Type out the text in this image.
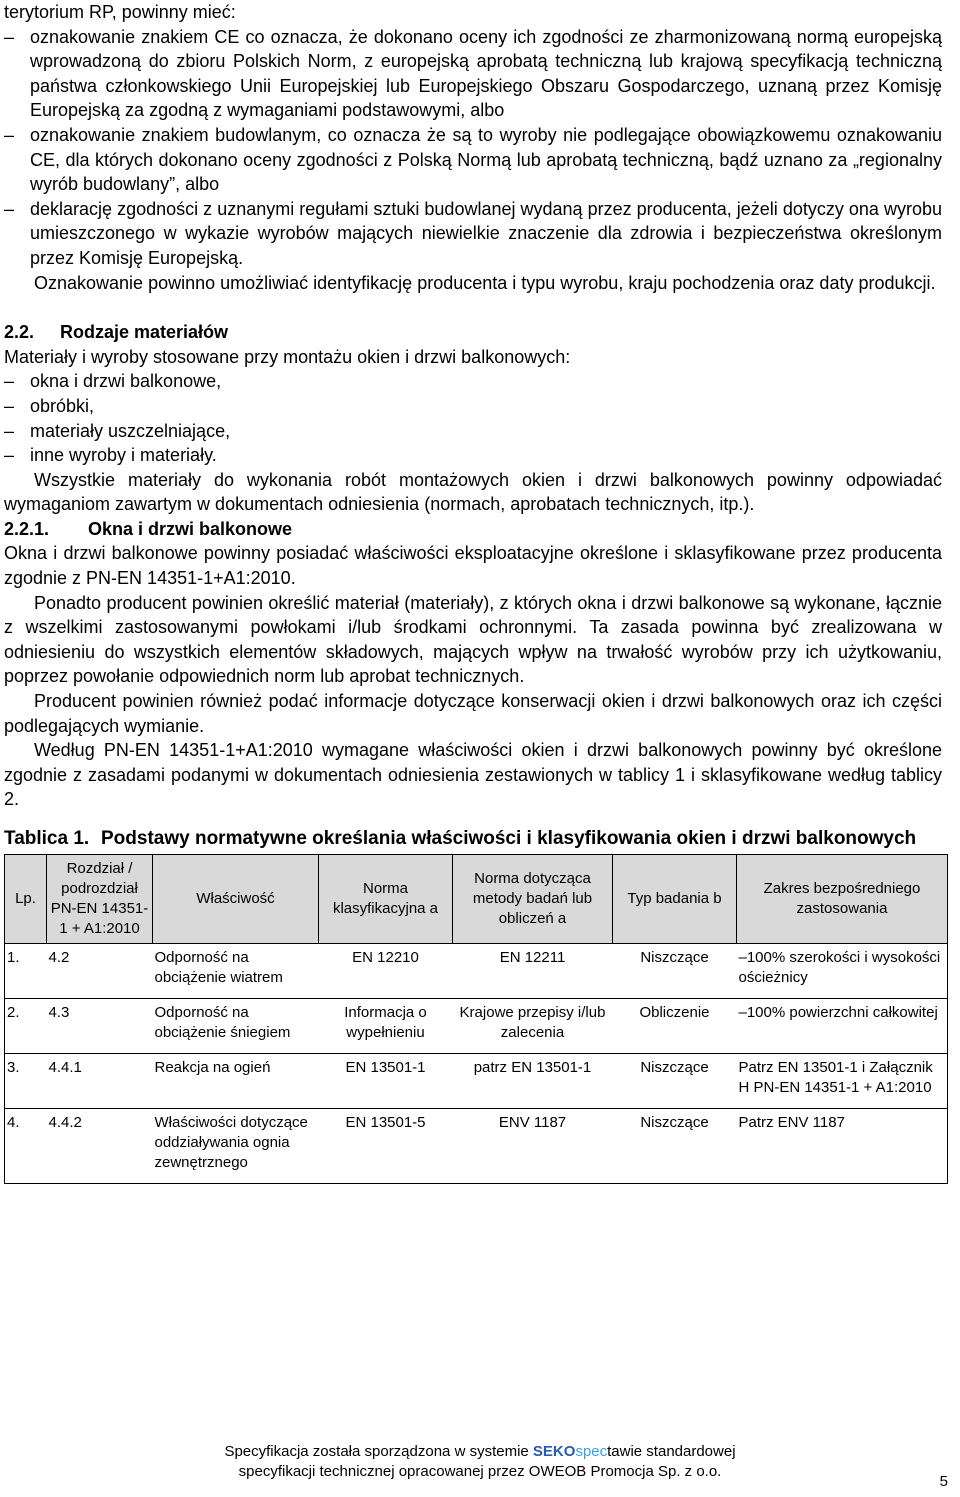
terytorium RP, powinny mieć:

– oznakowanie znakiem CE co oznacza, że dokonano oceny ich zgodności ze zharmonizowaną normą europejską wprowadzoną do zbioru Polskich Norm, z europejską aprobatą techniczną lub krajową specyfikacją techniczną państwa członkowskiego Unii Europejskiej lub Europejskiego Obszaru Gospodarczego, uznaną przez Komisję Europejską za zgodną z wymaganiami podstawowymi, albo

– oznakowanie znakiem budowlanym, co oznacza że są to wyroby nie podlegające obowiązkowemu oznakowaniu CE, dla których dokonano oceny zgodności z Polską Normą lub aprobatą techniczną, bądź uznano za „regionalny wyrób budowlany”, albo

– deklarację zgodności z uznanymi regułami sztuki budowlanej wydaną przez producenta, jeżeli dotyczy ona wyrobu umieszczonego w wykazie wyrobów mających niewielkie znaczenie dla zdrowia i bezpieczeństwa określonym przez Komisję Europejską.

Oznakowanie powinno umożliwiać identyfikację producenta i typu wyrobu, kraju pochodzenia oraz daty produkcji.

2.2. Rodzaje materiałów

Materiały i wyroby stosowane przy montażu okien i drzwi balkonowych:

– okna i drzwi balkonowe,

– obróbki,

– materiały uszczelniające,

– inne wyroby i materiały.

Wszystkie materiały do wykonania robót montażowych okien i drzwi balkonowych powinny odpowiadać wymaganiom zawartym w dokumentach odniesienia (normach, aprobatach technicznych, itp.).

2.2.1. Okna i drzwi balkonowe

Okna i drzwi balkonowe powinny posiadać właściwości eksploatacyjne określone i sklasyfikowane przez producenta zgodnie z PN-EN 14351-1+A1:2010.

Ponadto producent powinien określić materiał (materiały), z których okna i drzwi balkonowe są wykonane, łącznie z wszelkimi zastosowanymi powłokami i/lub środkami ochronnymi. Ta zasada powinna być zrealizowana w odniesieniu do wszystkich elementów składowych, mających wpływ na trwałość wyrobów przy ich użytkowaniu, poprzez powołanie odpowiednich norm lub aprobat technicznych.

Producent powinien również podać informacje dotyczące konserwacji okien i drzwi balkonowych oraz ich części podlegających wymianie.

Według PN-EN 14351-1+A1:2010 wymagane właściwości okien i drzwi balkonowych powinny być określone zgodnie z zasadami podanymi w dokumentach odniesienia zestawionych w tablicy 1 i sklasyfikowane według tablicy 2.

Tablica 1. Podstawy normatywne określania właściwości i klasyfikowania okien i drzwi balkonowych
Lp.	Rozdział / podrozdział PN-EN 14351-1 + A1:2010	Właściwość	Norma klasyfikacyjna a	Norma dotycząca metody badań lub obliczeń a	Typ badania b	Zakres bezpośredniego zastosowania
1.	4.2	Odporność na obciążenie wiatrem	EN 12210	EN 12211	Niszczące	–100% szerokości i wysokości ościeżnicy
2.	4.3	Odporność na obciążenie śniegiem	Informacja o wypełnieniu	Krajowe przepisy i/lub zalecenia	Obliczenie	–100% powierzchni całkowitej
3.	4.4.1	Reakcja na ogień	EN 13501-1	patrz EN 13501-1	Niszczące	Patrz EN 13501-1 i Załącznik H PN-EN 14351-1 + A1:2010
4.	4.4.2	Właściwości dotyczące oddziaływania ognia zewnętrznego	EN 13501-5	ENV 1187	Niszczące	Patrz ENV 1187
Specyfikacja została sporządzona w systemie SEKOspectawie standardowej
specyfikacji technicznej opracowanej przez OWEOB Promocja Sp. z o.o.
5
